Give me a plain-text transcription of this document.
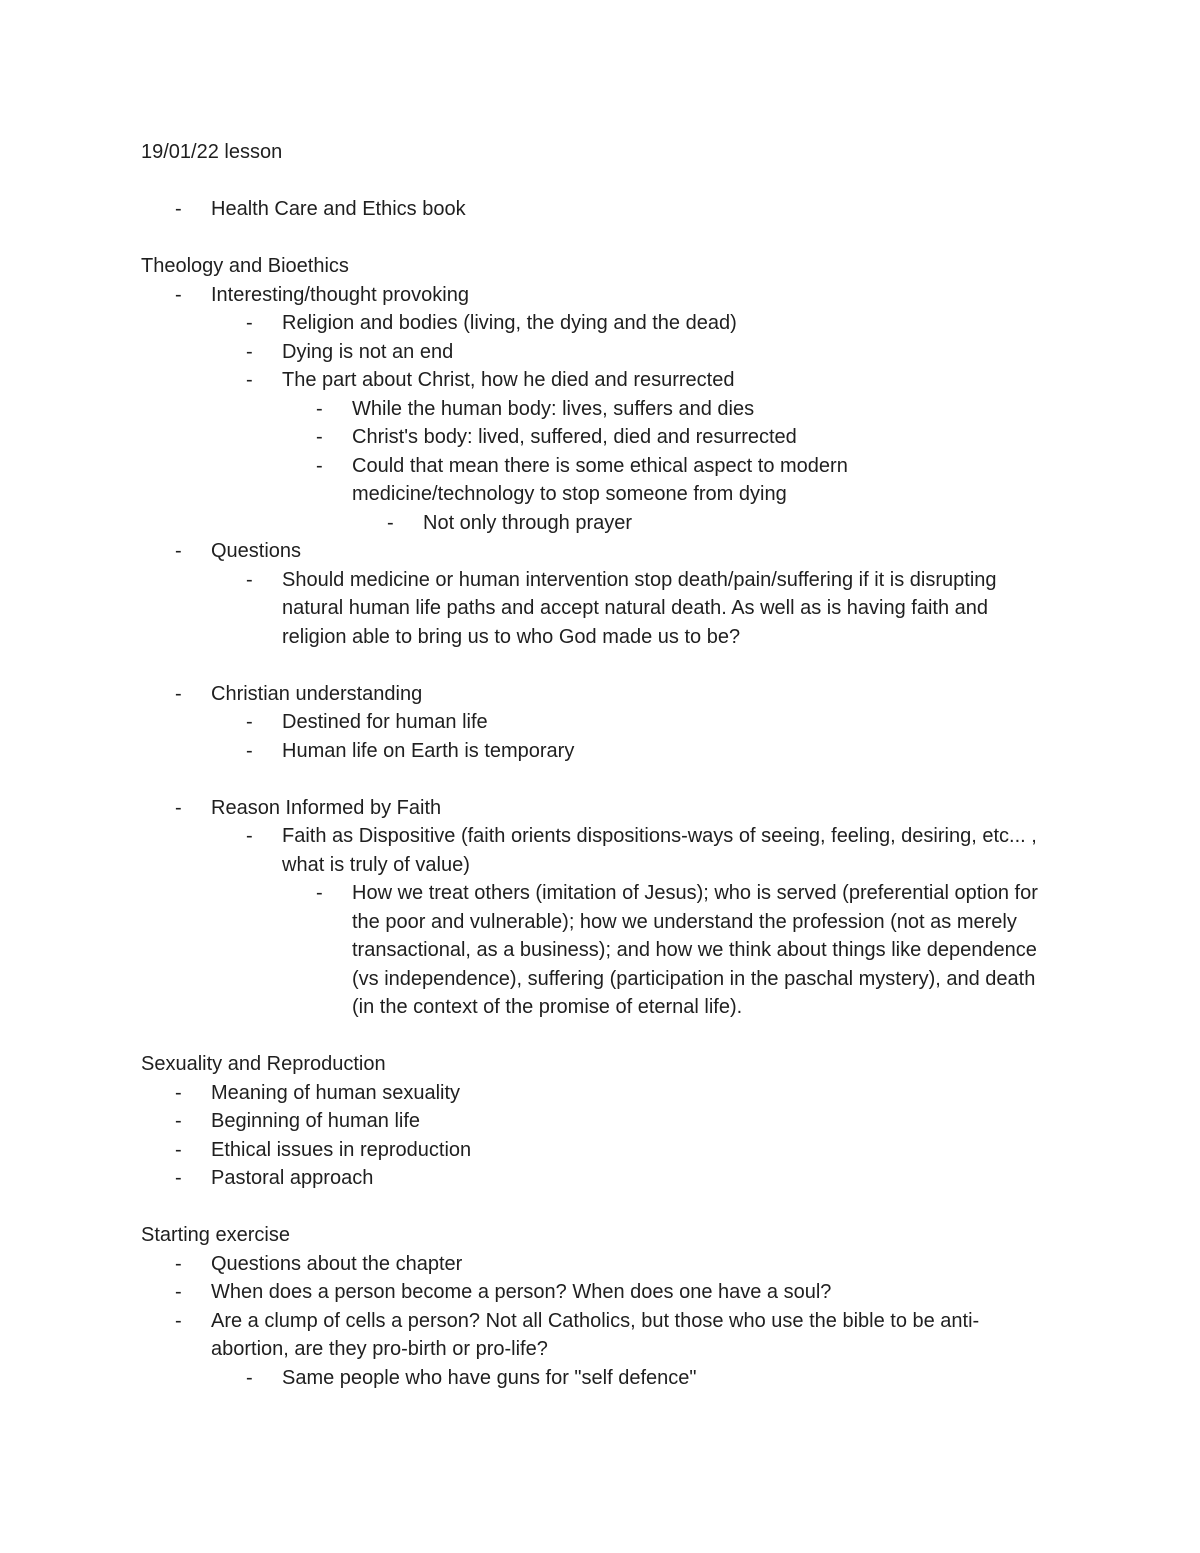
19/01/22 lesson

-	Health Care and Ethics book

Theology and Bioethics

-	Interesting/thought provoking
-	Religion and bodies (living, the dying and the dead)
-	Dying is not an end
-	The part about Christ, how he died and resurrected
-	While the human body: lives, suffers and dies
-	Christ's body: lived, suffered, died and resurrected
-	Could that mean there is some ethical aspect to modern medicine/technology to stop someone from dying
-	Not only through prayer
-	Questions
-	Should medicine or human intervention stop death/pain/suffering if it is disrupting natural human life paths and accept natural death. As well as is having faith and religion able to bring us to who God made us to be?
-	Christian understanding
-	Destined for human life
-	Human life on Earth is temporary
-	Reason Informed by Faith
-	Faith as Dispositive (faith orients dispositions-ways of seeing, feeling, desiring, etc... , what is truly of value)
-	How we treat others (imitation of Jesus); who is served (preferential option for the poor and vulnerable); how we understand the profession (not as merely transactional, as a business); and how we think about things like dependence (vs independence), suffering (participation in the paschal mystery), and death (in the context of the promise of eternal life).

Sexuality and Reproduction

-	Meaning of human sexuality
-	Beginning of human life
-	Ethical issues in reproduction
-	Pastoral approach

Starting exercise

-	Questions about the chapter
-	When does a person become a person? When does one have a soul?
-	Are a clump of cells a person? Not all Catholics, but those who use the bible to be anti-abortion, are they pro-birth or pro-life?
-	Same people who have guns for "self defence"
